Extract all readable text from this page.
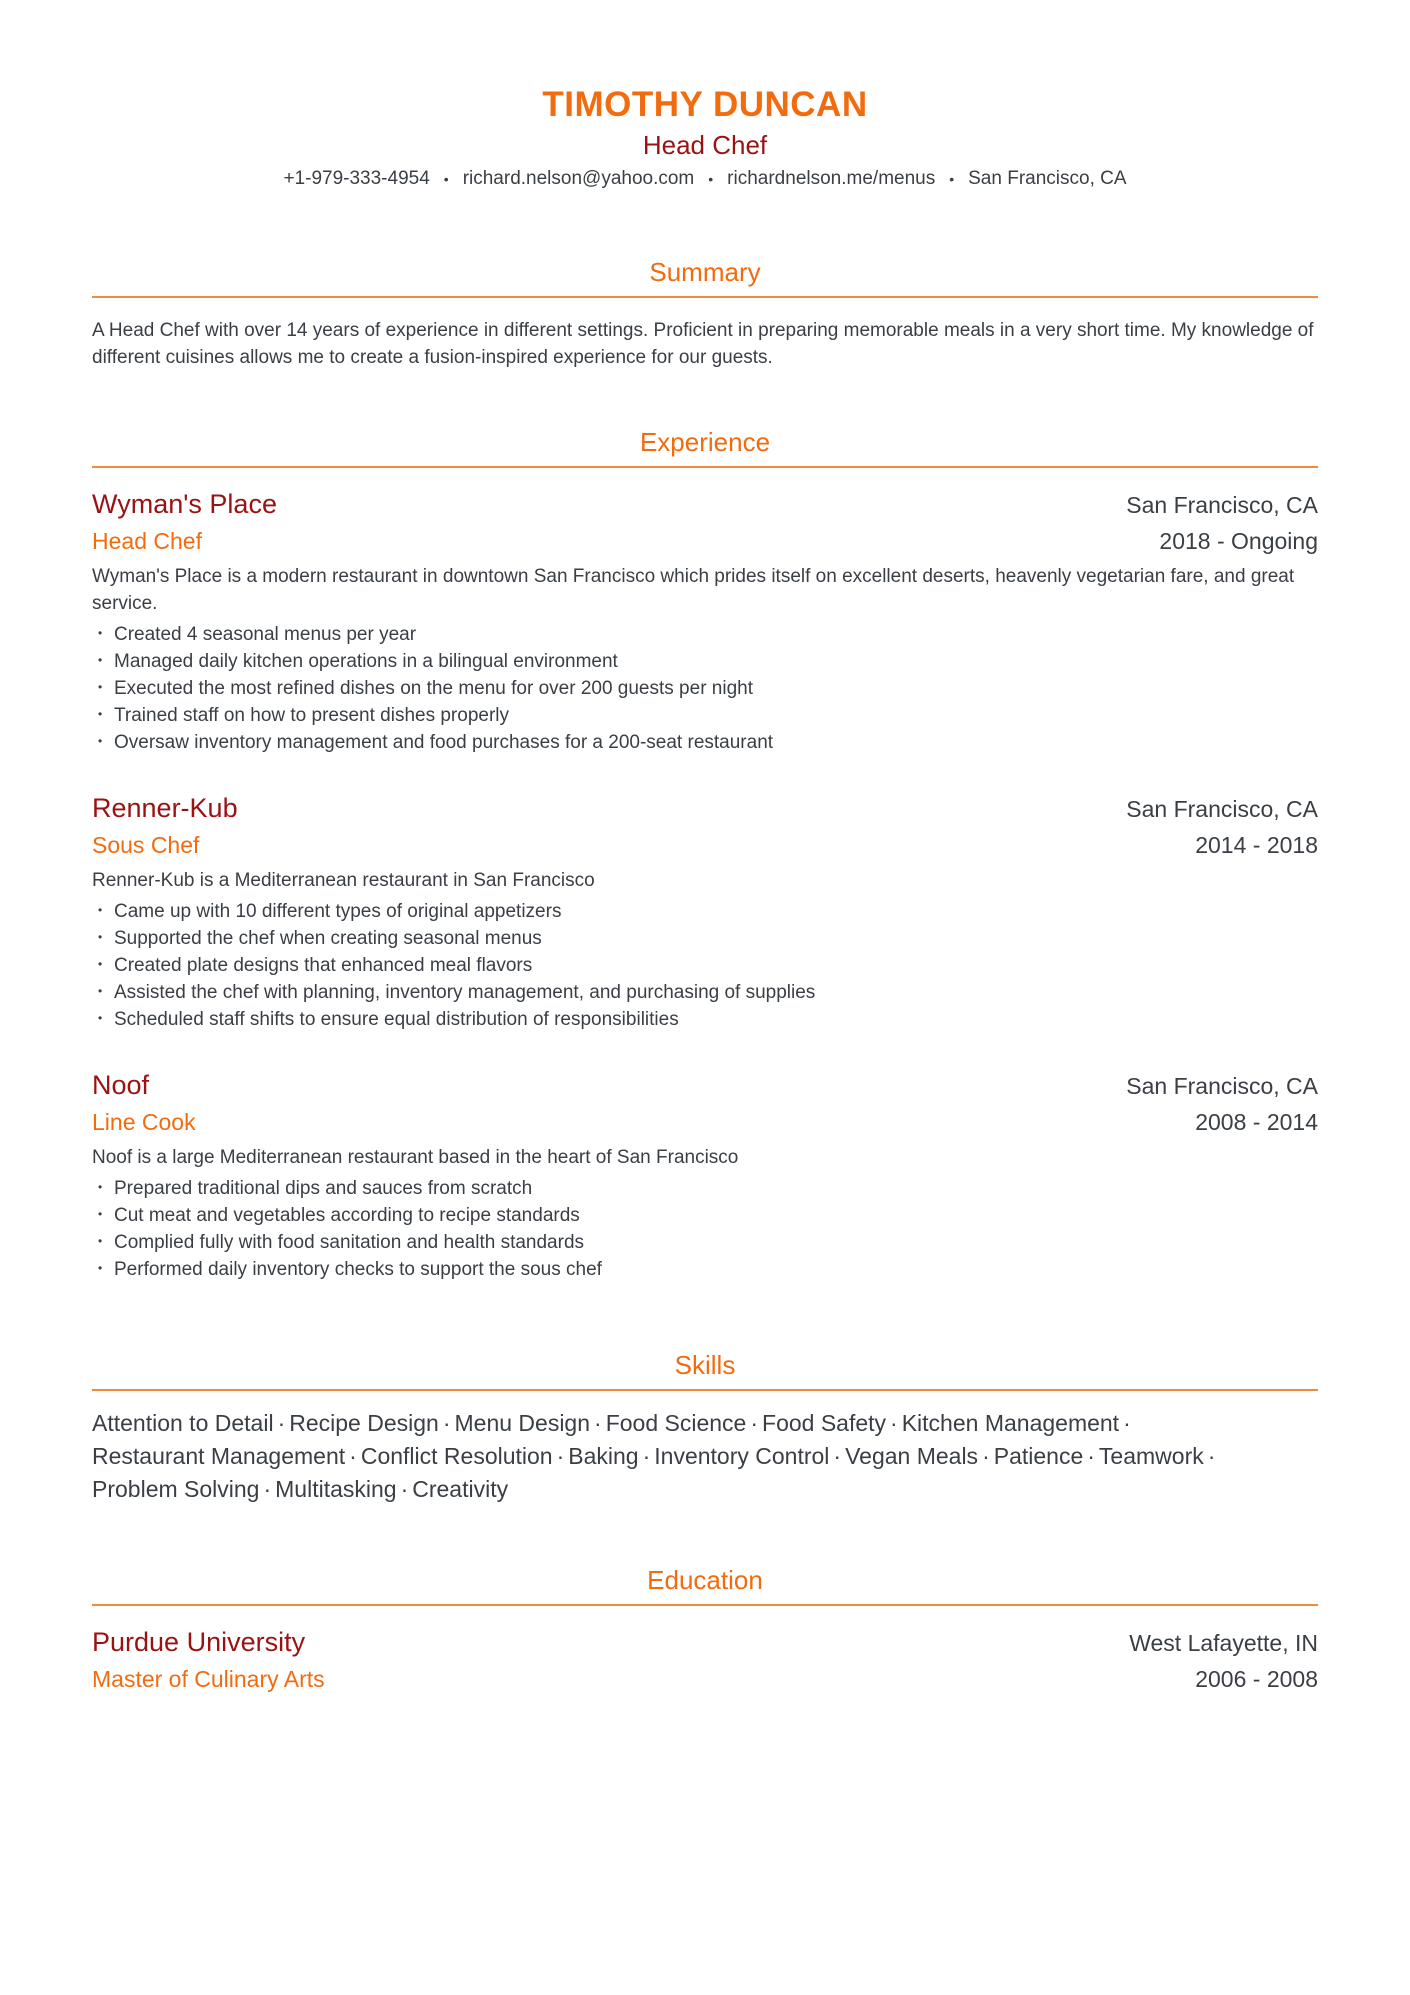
TIMOTHY DUNCAN
Head Chef
+1-979-333-4954 • richard.nelson@yahoo.com • richardnelson.me/menus • San Francisco, CA
Summary
A Head Chef with over 14 years of experience in different settings. Proficient in preparing memorable meals in a very short time. My knowledge of different cuisines allows me to create a fusion-inspired experience for our guests.
Experience
Wyman's Place	San Francisco, CA
Head Chef	2018 - Ongoing
Wyman's Place is a modern restaurant in downtown San Francisco which prides itself on excellent deserts, heavenly vegetarian fare, and great service.
• Created 4 seasonal menus per year
• Managed daily kitchen operations in a bilingual environment
• Executed the most refined dishes on the menu for over 200 guests per night
• Trained staff on how to present dishes properly
• Oversaw inventory management and food purchases for a 200-seat restaurant
Renner-Kub	San Francisco, CA
Sous Chef	2014 - 2018
Renner-Kub is a Mediterranean restaurant in San Francisco
• Came up with 10 different types of original appetizers
• Supported the chef when creating seasonal menus
• Created plate designs that enhanced meal flavors
• Assisted the chef with planning, inventory management, and purchasing of supplies
• Scheduled staff shifts to ensure equal distribution of responsibilities
Noof	San Francisco, CA
Line Cook	2008 - 2014
Noof is a large Mediterranean restaurant based in the heart of San Francisco
• Prepared traditional dips and sauces from scratch
• Cut meat and vegetables according to recipe standards
• Complied fully with food sanitation and health standards
• Performed daily inventory checks to support the sous chef
Skills
Attention to Detail · Recipe Design · Menu Design · Food Science · Food Safety · Kitchen Management ·
Restaurant Management · Conflict Resolution · Baking · Inventory Control · Vegan Meals · Patience · Teamwork ·
Problem Solving · Multitasking · Creativity
Education
Purdue University	West Lafayette, IN
Master of Culinary Arts	2006 - 2008
